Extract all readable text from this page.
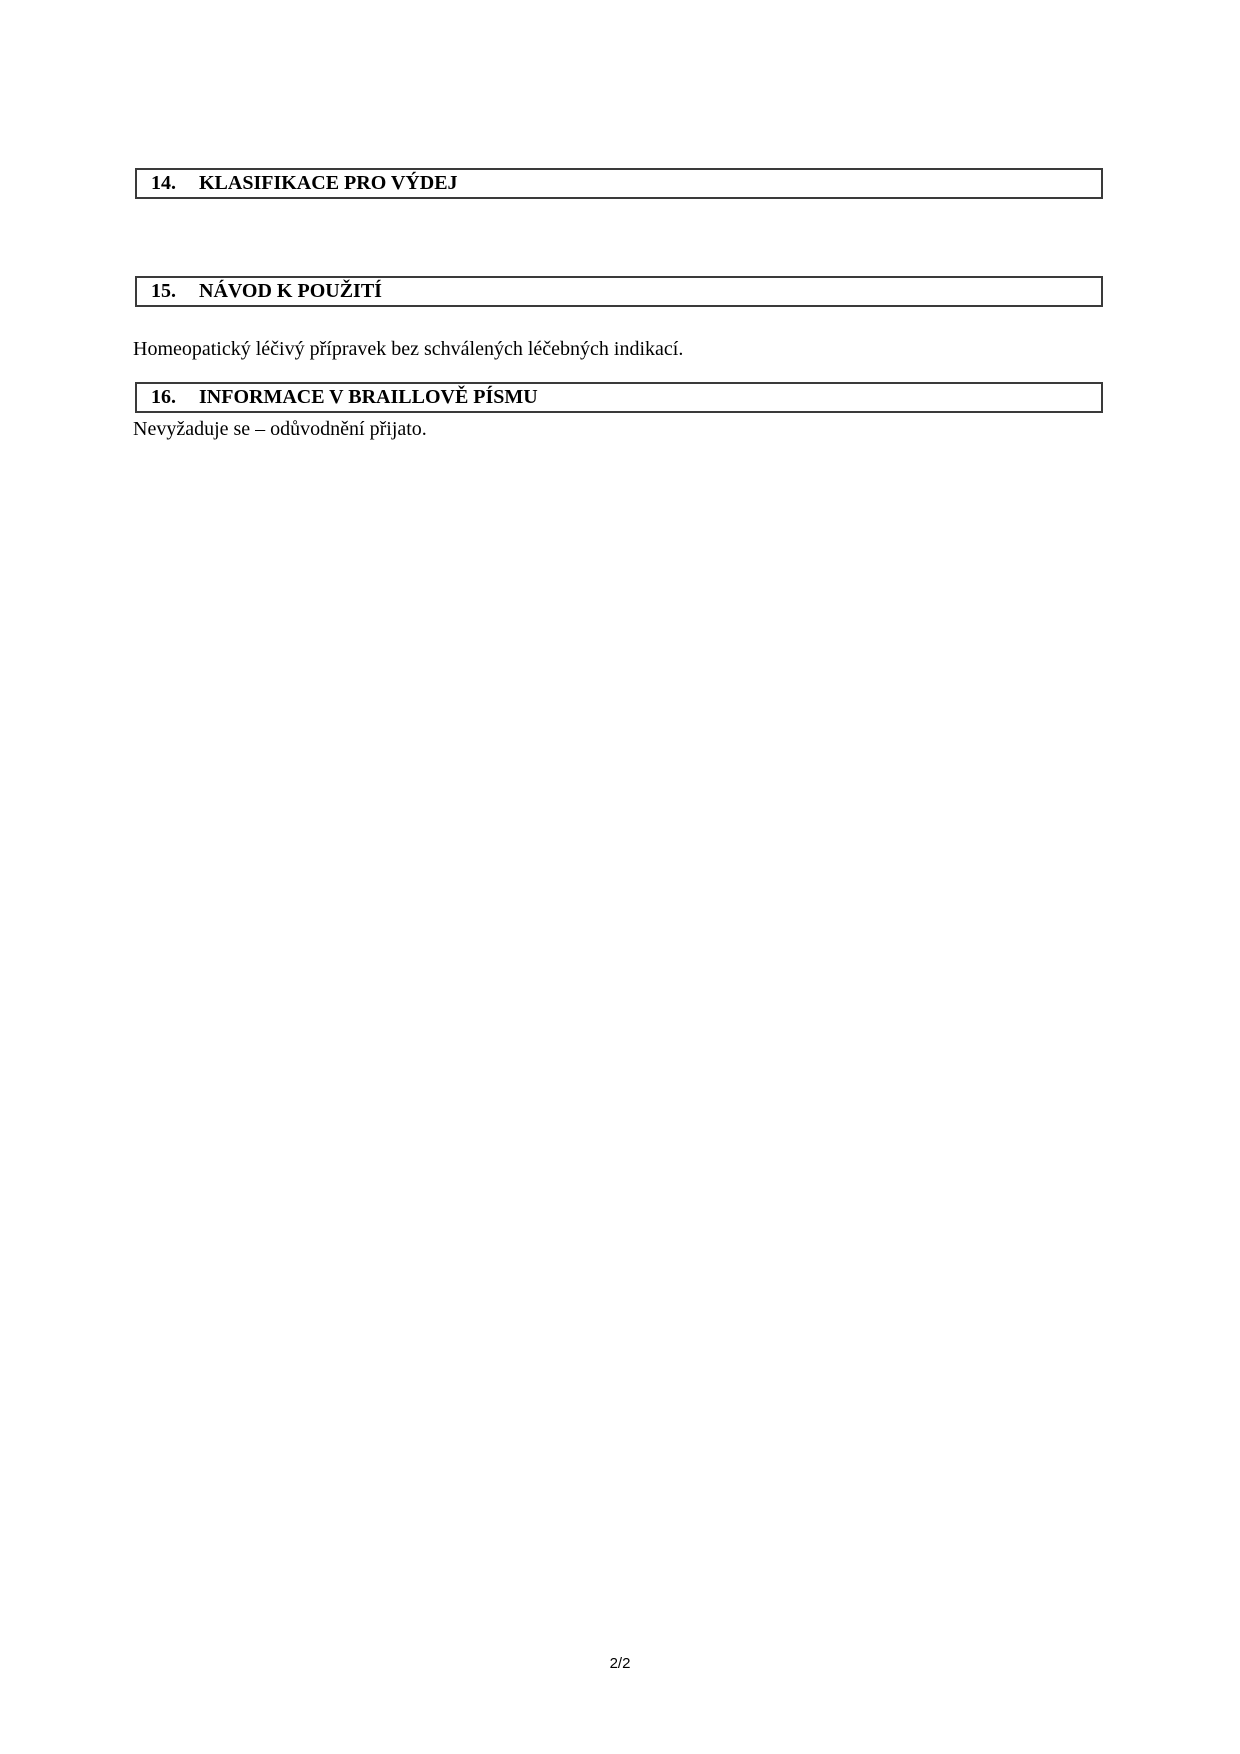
14.	KLASIFIKACE PRO VÝDEJ
15.	NÁVOD K POUŽITÍ
Homeopatický léčivý přípravek bez schválených léčebných indikací.
16.	INFORMACE V BRAILLOVĚ PÍSMU
Nevyžaduje se – odůvodnění přijato.
2/2
